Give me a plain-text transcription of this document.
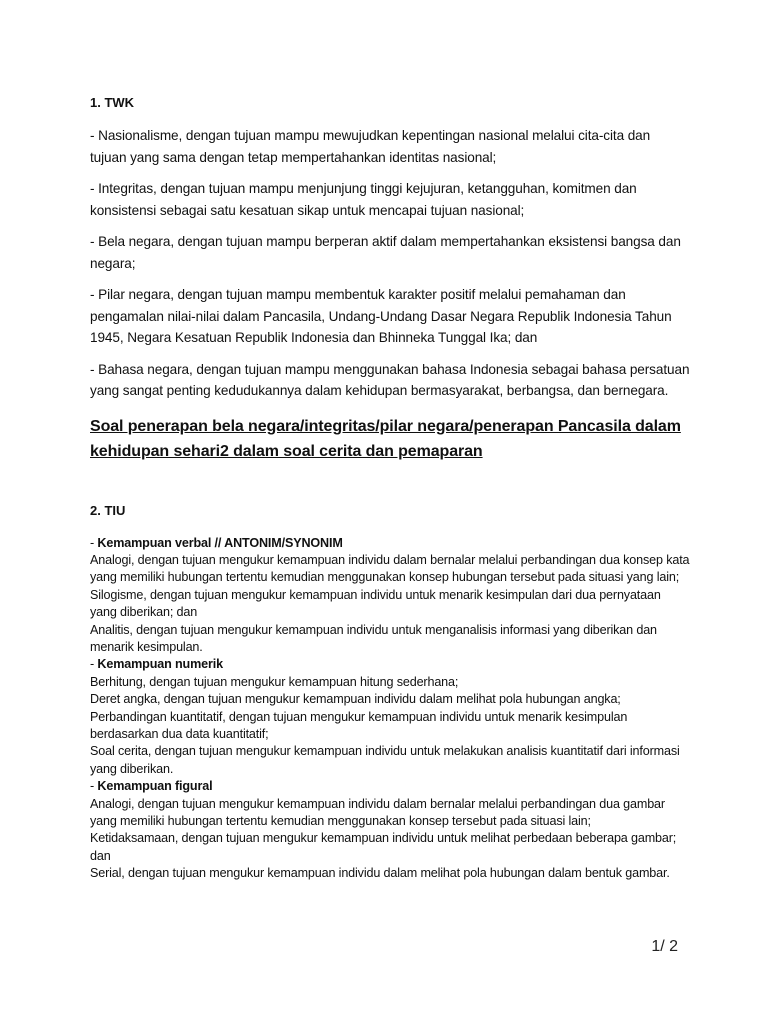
1. TWK

- Nasionalisme, dengan tujuan mampu mewujudkan kepentingan nasional melalui cita-cita dan tujuan yang sama dengan tetap mempertahankan identitas nasional;

- Integritas, dengan tujuan mampu menjunjung tinggi kejujuran, ketangguhan, komitmen dan konsistensi sebagai satu kesatuan sikap untuk mencapai tujuan nasional;

- Bela negara, dengan tujuan mampu berperan aktif dalam mempertahankan eksistensi bangsa dan negara;

- Pilar negara, dengan tujuan mampu membentuk karakter positif melalui pemahaman dan pengamalan nilai-nilai dalam Pancasila, Undang-Undang Dasar Negara Republik Indonesia Tahun 1945, Negara Kesatuan Republik Indonesia dan Bhinneka Tunggal Ika; dan

- Bahasa negara, dengan tujuan mampu menggunakan bahasa Indonesia sebagai bahasa persatuan yang sangat penting kedudukannya dalam kehidupan bermasyarakat, berbangsa, dan bernegara.

Soal penerapan bela negara/integritas/pilar negara/penerapan Pancasila dalam kehidupan sehari2 dalam soal cerita dan pemaparan
2. TIU
- Kemampuan verbal // ANTONIM/SYNONIM
Analogi, dengan tujuan mengukur kemampuan individu dalam bernalar melalui perbandingan dua konsep kata yang memiliki hubungan tertentu kemudian menggunakan konsep hubungan tersebut pada situasi yang lain;
Silogisme, dengan tujuan mengukur kemampuan individu untuk menarik kesimpulan dari dua pernyataan yang diberikan; dan
Analitis, dengan tujuan mengukur kemampuan individu untuk menganalisis informasi yang diberikan dan menarik kesimpulan.
- Kemampuan numerik
Berhitung, dengan tujuan mengukur kemampuan hitung sederhana;
Deret angka, dengan tujuan mengukur kemampuan individu dalam melihat pola hubungan angka;
Perbandingan kuantitatif, dengan tujuan mengukur kemampuan individu untuk menarik kesimpulan berdasarkan dua data kuantitatif;
Soal cerita, dengan tujuan mengukur kemampuan individu untuk melakukan analisis kuantitatif dari informasi yang diberikan.
- Kemampuan figural
Analogi, dengan tujuan mengukur kemampuan individu dalam bernalar melalui perbandingan dua gambar yang memiliki hubungan tertentu kemudian menggunakan konsep tersebut pada situasi lain;
Ketidaksamaan, dengan tujuan mengukur kemampuan individu untuk melihat perbedaan beberapa gambar; dan
Serial, dengan tujuan mengukur kemampuan individu dalam melihat pola hubungan dalam bentuk gambar.
1/ 2
